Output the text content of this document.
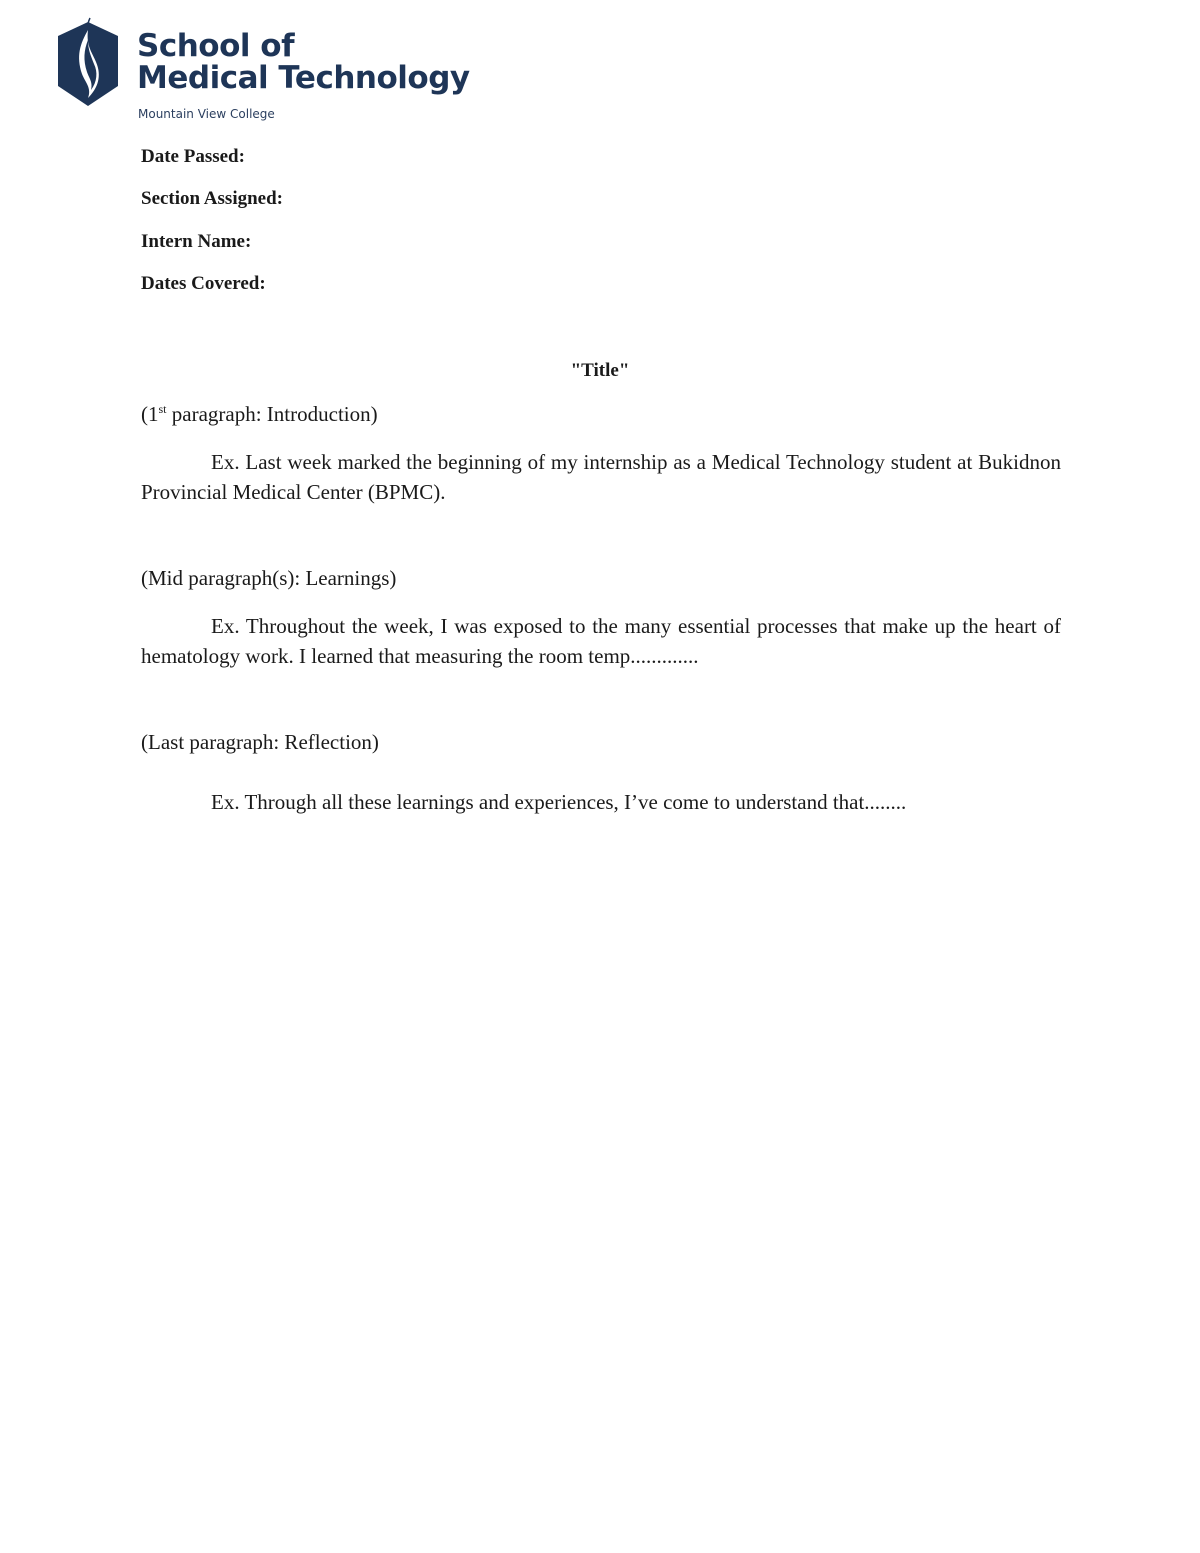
School of
Medical Technology
Mountain View College
Date Passed:
Section Assigned:
Intern Name:
Dates Covered:
"Title"
(1st paragraph: Introduction)
Ex. Last week marked the beginning of my internship as a Medical Technology student at Bukidnon Provincial Medical Center (BPMC).
(Mid paragraph(s): Learnings)
Ex. Throughout the week, I was exposed to the many essential processes that make up the heart of hematology work. I learned that measuring the room temp.............
(Last paragraph: Reflection)
Ex. Through all these learnings and experiences, I’ve come to understand that........
